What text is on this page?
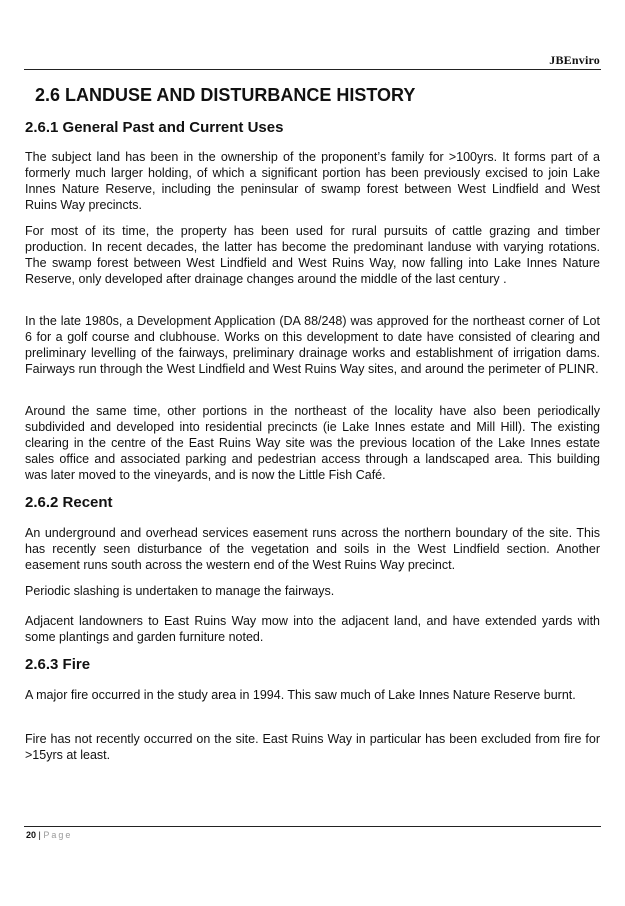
JBEnviro
2.6 LANDUSE AND DISTURBANCE HISTORY
2.6.1 General Past and Current Uses

The subject land has been in the ownership of the proponent’s family for >100yrs. It forms part of a formerly much larger holding, of which a significant portion has been previously excised to join Lake Innes Nature Reserve, including the peninsular of swamp forest between West Lindfield and West Ruins Way precincts.

For most of its time, the property has been used for rural pursuits of cattle grazing and timber production. In recent decades, the latter has become the predominant landuse with varying rotations. The swamp forest between West Lindfield and West Ruins Way, now falling into Lake Innes Nature Reserve, only developed after drainage changes around the middle of the last century .

In the late 1980s, a Development Application (DA 88/248) was approved for the northeast corner of Lot 6 for a golf course and clubhouse. Works on this development to date have consisted of clearing and preliminary levelling of the fairways, preliminary drainage works and establishment of irrigation dams. Fairways run through the West Lindfield and West Ruins Way sites, and around the perimeter of PLINR.

Around the same time, other portions in the northeast of the locality have also been periodically subdivided and developed into residential precincts (ie Lake Innes estate and Mill Hill). The existing clearing in the centre of the East Ruins Way site was the previous location of the Lake Innes estate sales office and associated parking and pedestrian access through a landscaped area. This building was later moved to the vineyards, and is now the Little Fish Café.

2.6.2 Recent

An underground and overhead services easement runs across the northern boundary of the site. This has recently seen disturbance of the vegetation and soils in the West Lindfield section. Another easement runs south across the western end of the West Ruins Way precinct.

Periodic slashing is undertaken to manage the fairways.

Adjacent landowners to East Ruins Way mow into the adjacent land, and have extended yards with some plantings and garden furniture noted.

2.6.3 Fire

A major fire occurred in the study area in 1994. This saw much of Lake Innes Nature Reserve burnt.

Fire has not recently occurred on the site. East Ruins Way in particular has been excluded from fire for >15yrs at least.

20 | Page
